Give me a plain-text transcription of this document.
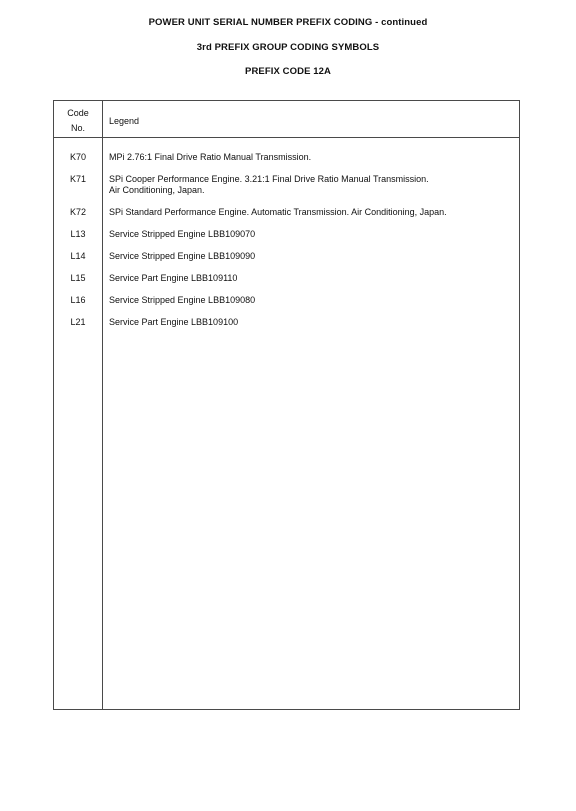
POWER UNIT SERIAL NUMBER PREFIX CODING - continued
3rd PREFIX GROUP CODING SYMBOLS
PREFIX CODE 12A
Code
No.
Legend
K70	MPi 2.76:1 Final Drive Ratio Manual Transmission.
K71	SPi Cooper Performance Engine. 3.21:1 Final Drive Ratio Manual Transmission.
Air Conditioning, Japan.
K72	SPi Standard Performance Engine. Automatic Transmission. Air Conditioning, Japan.
L13	Service Stripped Engine LBB109070
L14	Service Stripped Engine LBB109090
L15	Service Part Engine LBB109110
L16	Service Stripped Engine LBB109080
L21	Service Part Engine LBB109100
